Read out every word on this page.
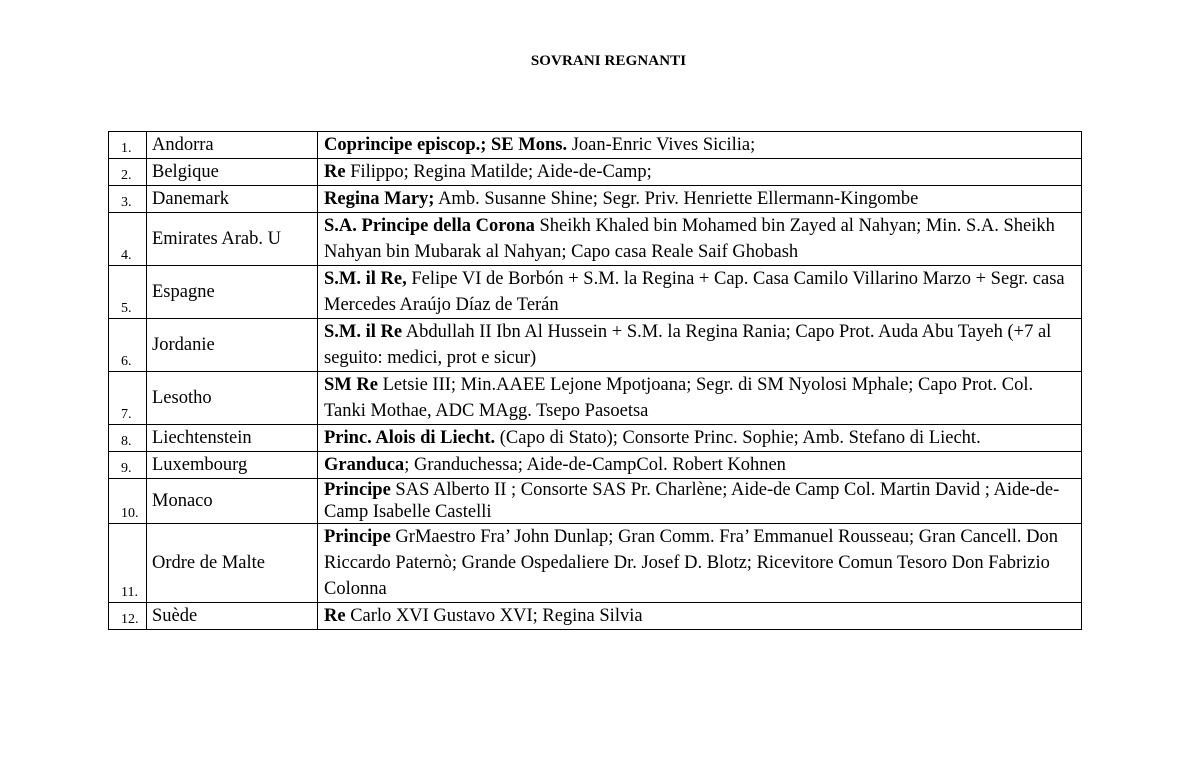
SOVRANI REGNANTI
1.	Andorra	Coprincipe episcop.; SE Mons. Joan-Enric Vives Sicilia;
2.	Belgique	Re Filippo; Regina Matilde; Aide-de-Camp;
3.	Danemark	Regina Mary; Amb. Susanne Shine; Segr. Priv. Henriette Ellermann-Kingombe
4.	Emirates Arab. U	S.A. Principe della Corona Sheikh Khaled bin Mohamed bin Zayed al Nahyan; Min. S.A. Sheikh Nahyan bin Mubarak al Nahyan; Capo casa Reale Saif Ghobash
5.	Espagne	S.M. il Re, Felipe VI de Borbón + S.M. la Regina + Cap. Casa Camilo Villarino Marzo + Segr. casa Mercedes Araújo Díaz de Terán
6.	Jordanie	S.M. il Re Abdullah II Ibn Al Hussein + S.M. la Regina Rania; Capo Prot. Auda Abu Tayeh (+7 al seguito: medici, prot e sicur)
7.	Lesotho	SM Re Letsie III; Min.AAEE Lejone Mpotjoana; Segr. di SM Nyolosi Mphale; Capo Prot. Col. Tanki Mothae, ADC MAgg. Tsepo Pasoetsa
8.	Liechtenstein	Princ. Alois di Liecht. (Capo di Stato); Consorte Princ. Sophie; Amb. Stefano di Liecht.
9.	Luxembourg	Granduca; Granduchessa; Aide-de-CampCol. Robert Kohnen
10.	Monaco	Principe SAS Alberto II ; Consorte SAS Pr. Charlène; Aide-de Camp Col. Martin David ; Aide-de-Camp Isabelle Castelli
11.	Ordre de Malte	Principe GrMaestro Fra’ John Dunlap; Gran Comm. Fra’ Emmanuel Rousseau; Gran Cancell. Don Riccardo Paternò; Grande Ospedaliere Dr. Josef D. Blotz; Ricevitore Comun Tesoro Don Fabrizio Colonna
12.	Suède	Re Carlo XVI Gustavo XVI; Regina Silvia
